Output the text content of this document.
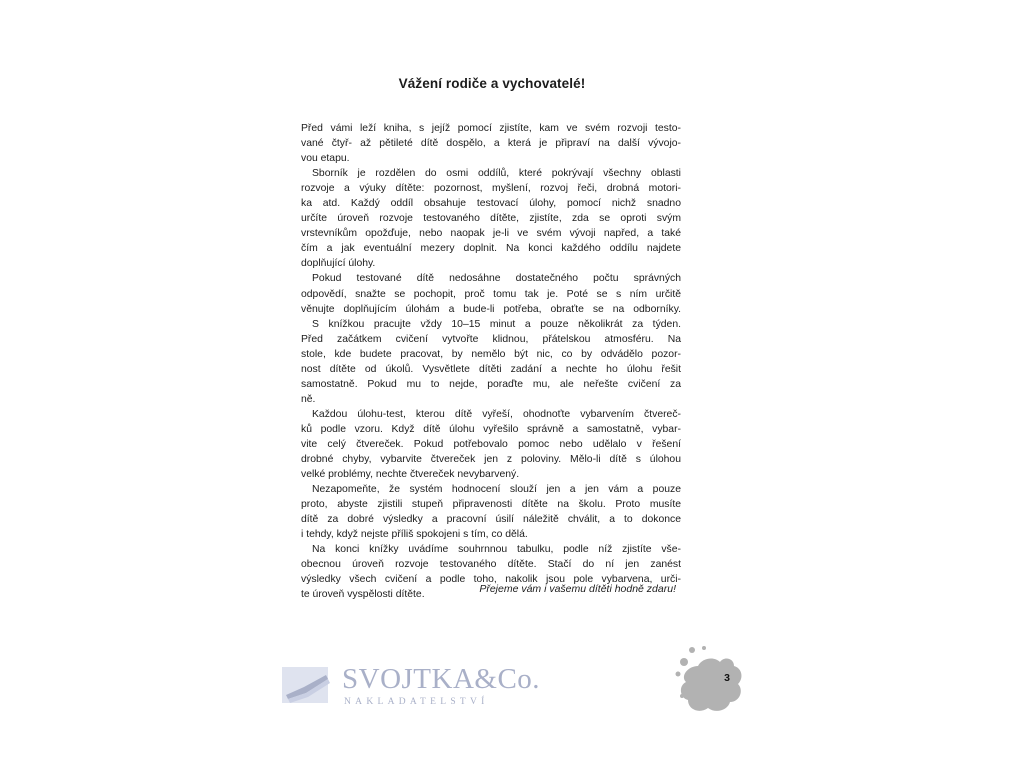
Vážení rodiče a vychovatelé!
Před vámi leží kniha, s jejíž pomocí zjistíte, kam ve svém rozvoji testo-
vané čtyř- až pětileté dítě dospělo, a která je připraví na další vývojo-
vou etapu.
Sborník je rozdělen do osmi oddílů, které pokrývají všechny oblasti
rozvoje a výuky dítěte: pozornost, myšlení, rozvoj řeči, drobná motori-
ka atd. Každý oddíl obsahuje testovací úlohy, pomocí nichž snadno
určíte úroveň rozvoje testovaného dítěte, zjistíte, zda se oproti svým
vrstevníkům opožďuje, nebo naopak je-li ve svém vývoji napřed, a také
čím a jak eventuální mezery doplnit. Na konci každého oddílu najdete
doplňující úlohy.
Pokud testované dítě nedosáhne dostatečného počtu správných
odpovědí, snažte se pochopit, proč tomu tak je. Poté se s ním určitě
věnujte doplňujícím úlohám a bude-li potřeba, obraťte se na odborníky.
S knížkou pracujte vždy 10–15 minut a pouze několikrát za týden.
Před začátkem cvičení vytvořte klidnou, přátelskou atmosféru. Na
stole, kde budete pracovat, by nemělo být nic, co by odvádělo pozor-
nost dítěte od úkolů. Vysvětlete dítěti zadání a nechte ho úlohu řešit
samostatně. Pokud mu to nejde, poraďte mu, ale neřešte cvičení za
ně.
Každou úlohu-test, kterou dítě vyřeší, ohodnoťte vybarvením čtvereč-
ků podle vzoru. Když dítě úlohu vyřešilo správně a samostatně, vybar-
vite celý čtvereček. Pokud potřebovalo pomoc nebo udělalo v řešení
drobné chyby, vybarvite čtvereček jen z poloviny. Mělo-li dítě s úlohou
velké problémy, nechte čtvereček nevybarvený.
Nezapomeňte, že systém hodnocení slouží jen a jen vám a pouze
proto, abyste zjistili stupeň připravenosti dítěte na školu. Proto musíte
dítě za dobré výsledky a pracovní úsilí náležitě chválit, a to dokonce
i tehdy, když nejste příliš spokojeni s tím, co dělá.
Na konci knížky uvádíme souhrnnou tabulku, podle níž zjistíte vše-
obecnou úroveň rozvoje testovaného dítěte. Stačí do ní jen zanést
výsledky všech cvičení a podle toho, nakolik jsou pole vybarvena, urči-
te úroveň vyspělosti dítěte.	Přejeme vám i vašemu dítěti hodně zdaru!
SVOJTKA&Co.
NAKLADATELSTVÍ
3
